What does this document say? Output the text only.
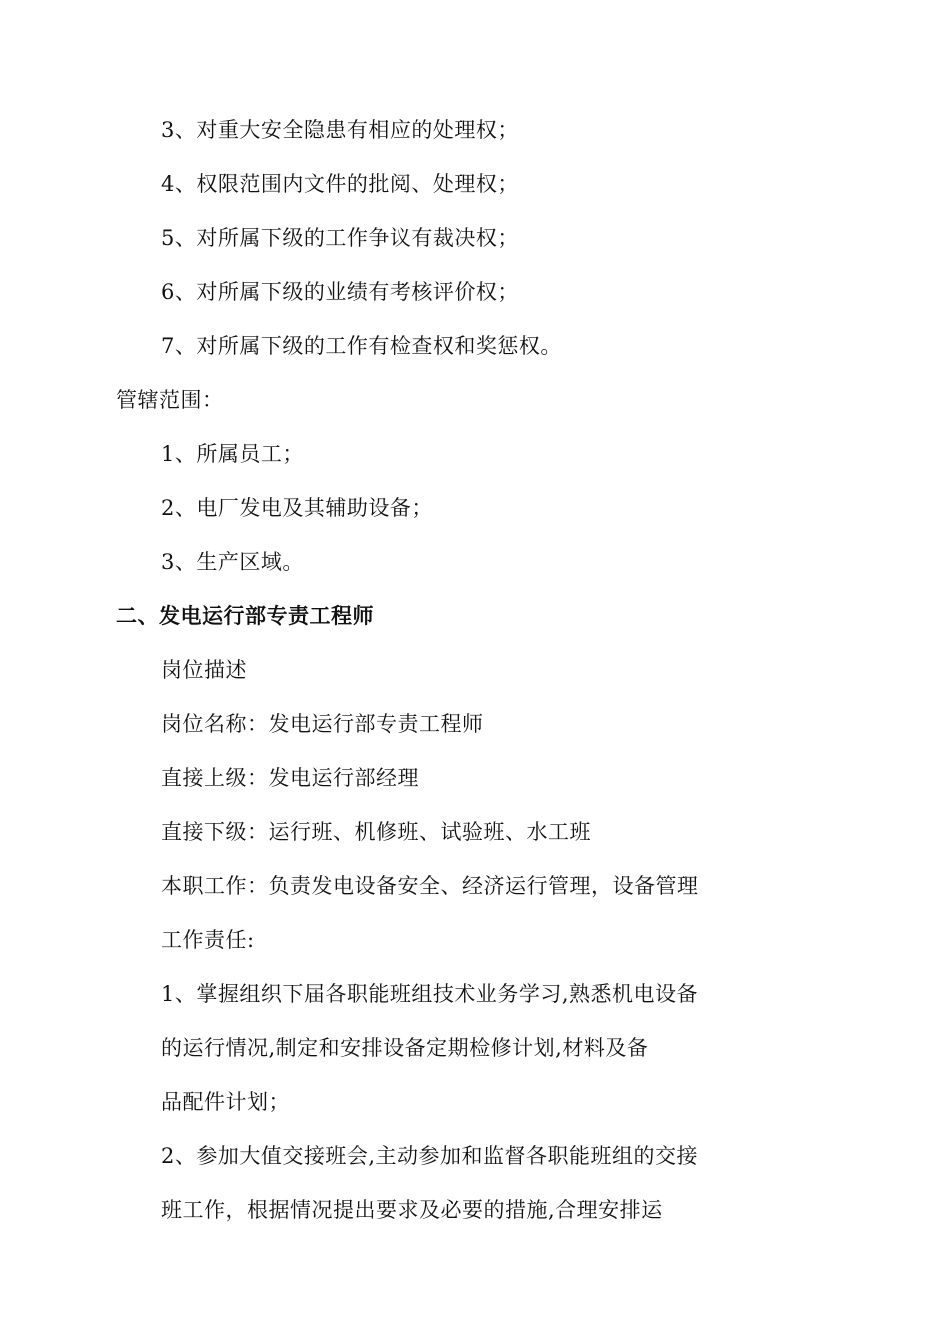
3、对重大安全隐患有相应的处理权；
4、权限范围内文件的批阅、处理权；
5、对所属下级的工作争议有裁决权；
6、对所属下级的业绩有考核评价权；
7、对所属下级的工作有检查权和奖惩权。
管辖范围：
1、所属员工；
2、电厂发电及其辅助设备；
3、生产区域。
二、发电运行部专责工程师
岗位描述
岗位名称：发电运行部专责工程师
直接上级：发电运行部经理
直接下级：运行班、机修班、试验班、水工班
本职工作：负责发电设备安全、经济运行管理，设备管理
工作责任:
1、掌握组织下届各职能班组技术业务学习,熟悉机电设备
的运行情况,制定和安排设备定期检修计划,材料及备
品配件计划；
2、参加大值交接班会,主动参加和监督各职能班组的交接
班工作，根据情况提出要求及必要的措施,合理安排运
